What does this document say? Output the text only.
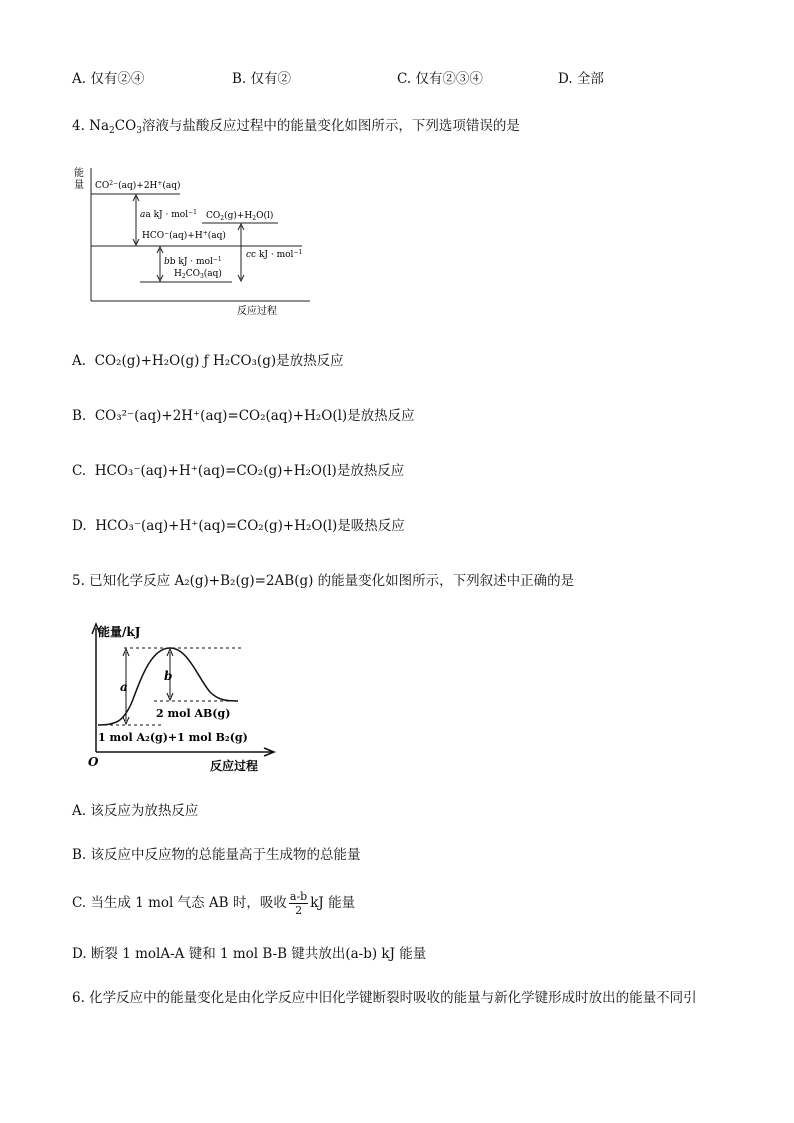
A. 仅有②④	B. 仅有②	C. 仅有②③④	D. 全部
4. $Na_2CO_3$溶液与盐酸反应过程中的能量变化如图所示，下列选项错误的是
能
量
反应过程
$CO^{2-}(aq)+2H^+(aq)$
aa kJ · mol$^{-1}$ $CO_2(g)+H_2O(l)$
HCO−(aq)+H+(aq)
cc kJ · mol$^{-1}$
bb kJ · mol$^{-1}$
$H_2CO_3(aq)$
A. CO₂(g)+H₂O(g) ƒ H₂CO₃(g)是放热反应
B. CO₃²⁻(aq)+2H⁺(aq)=CO₂(aq)+H₂O(l)是放热反应
C. HCO₃⁻(aq)+H⁺(aq)=CO₂(g)+H₂O(l)是放热反应
D. HCO₃⁻(aq)+H⁺(aq)=CO₂(g)+H₂O(l)是吸热反应
5. 已知化学反应 A₂(g)+B₂(g)=2AB(g) 的能量变化如图所示，下列叙述中正确的是
能量/kJ
O	反应过程
a
b
2 mol AB(g)
1 mol A₂(g)+1 mol B₂(g)
A. 该反应为放热反应
B. 该反应中反应物的总能量高于生成物的总能量
C. 当生成 1 mol 气态 AB 时，吸收 $\frac{a-b}{2}$ kJ 能量
D. 断裂 1 molA-A 键和 1 mol B-B 键共放出(a-b) kJ 能量
6. 化学反应中的能量变化是由化学反应中旧化学键断裂时吸收的能量与新化学键形成时放出的能量不同引
